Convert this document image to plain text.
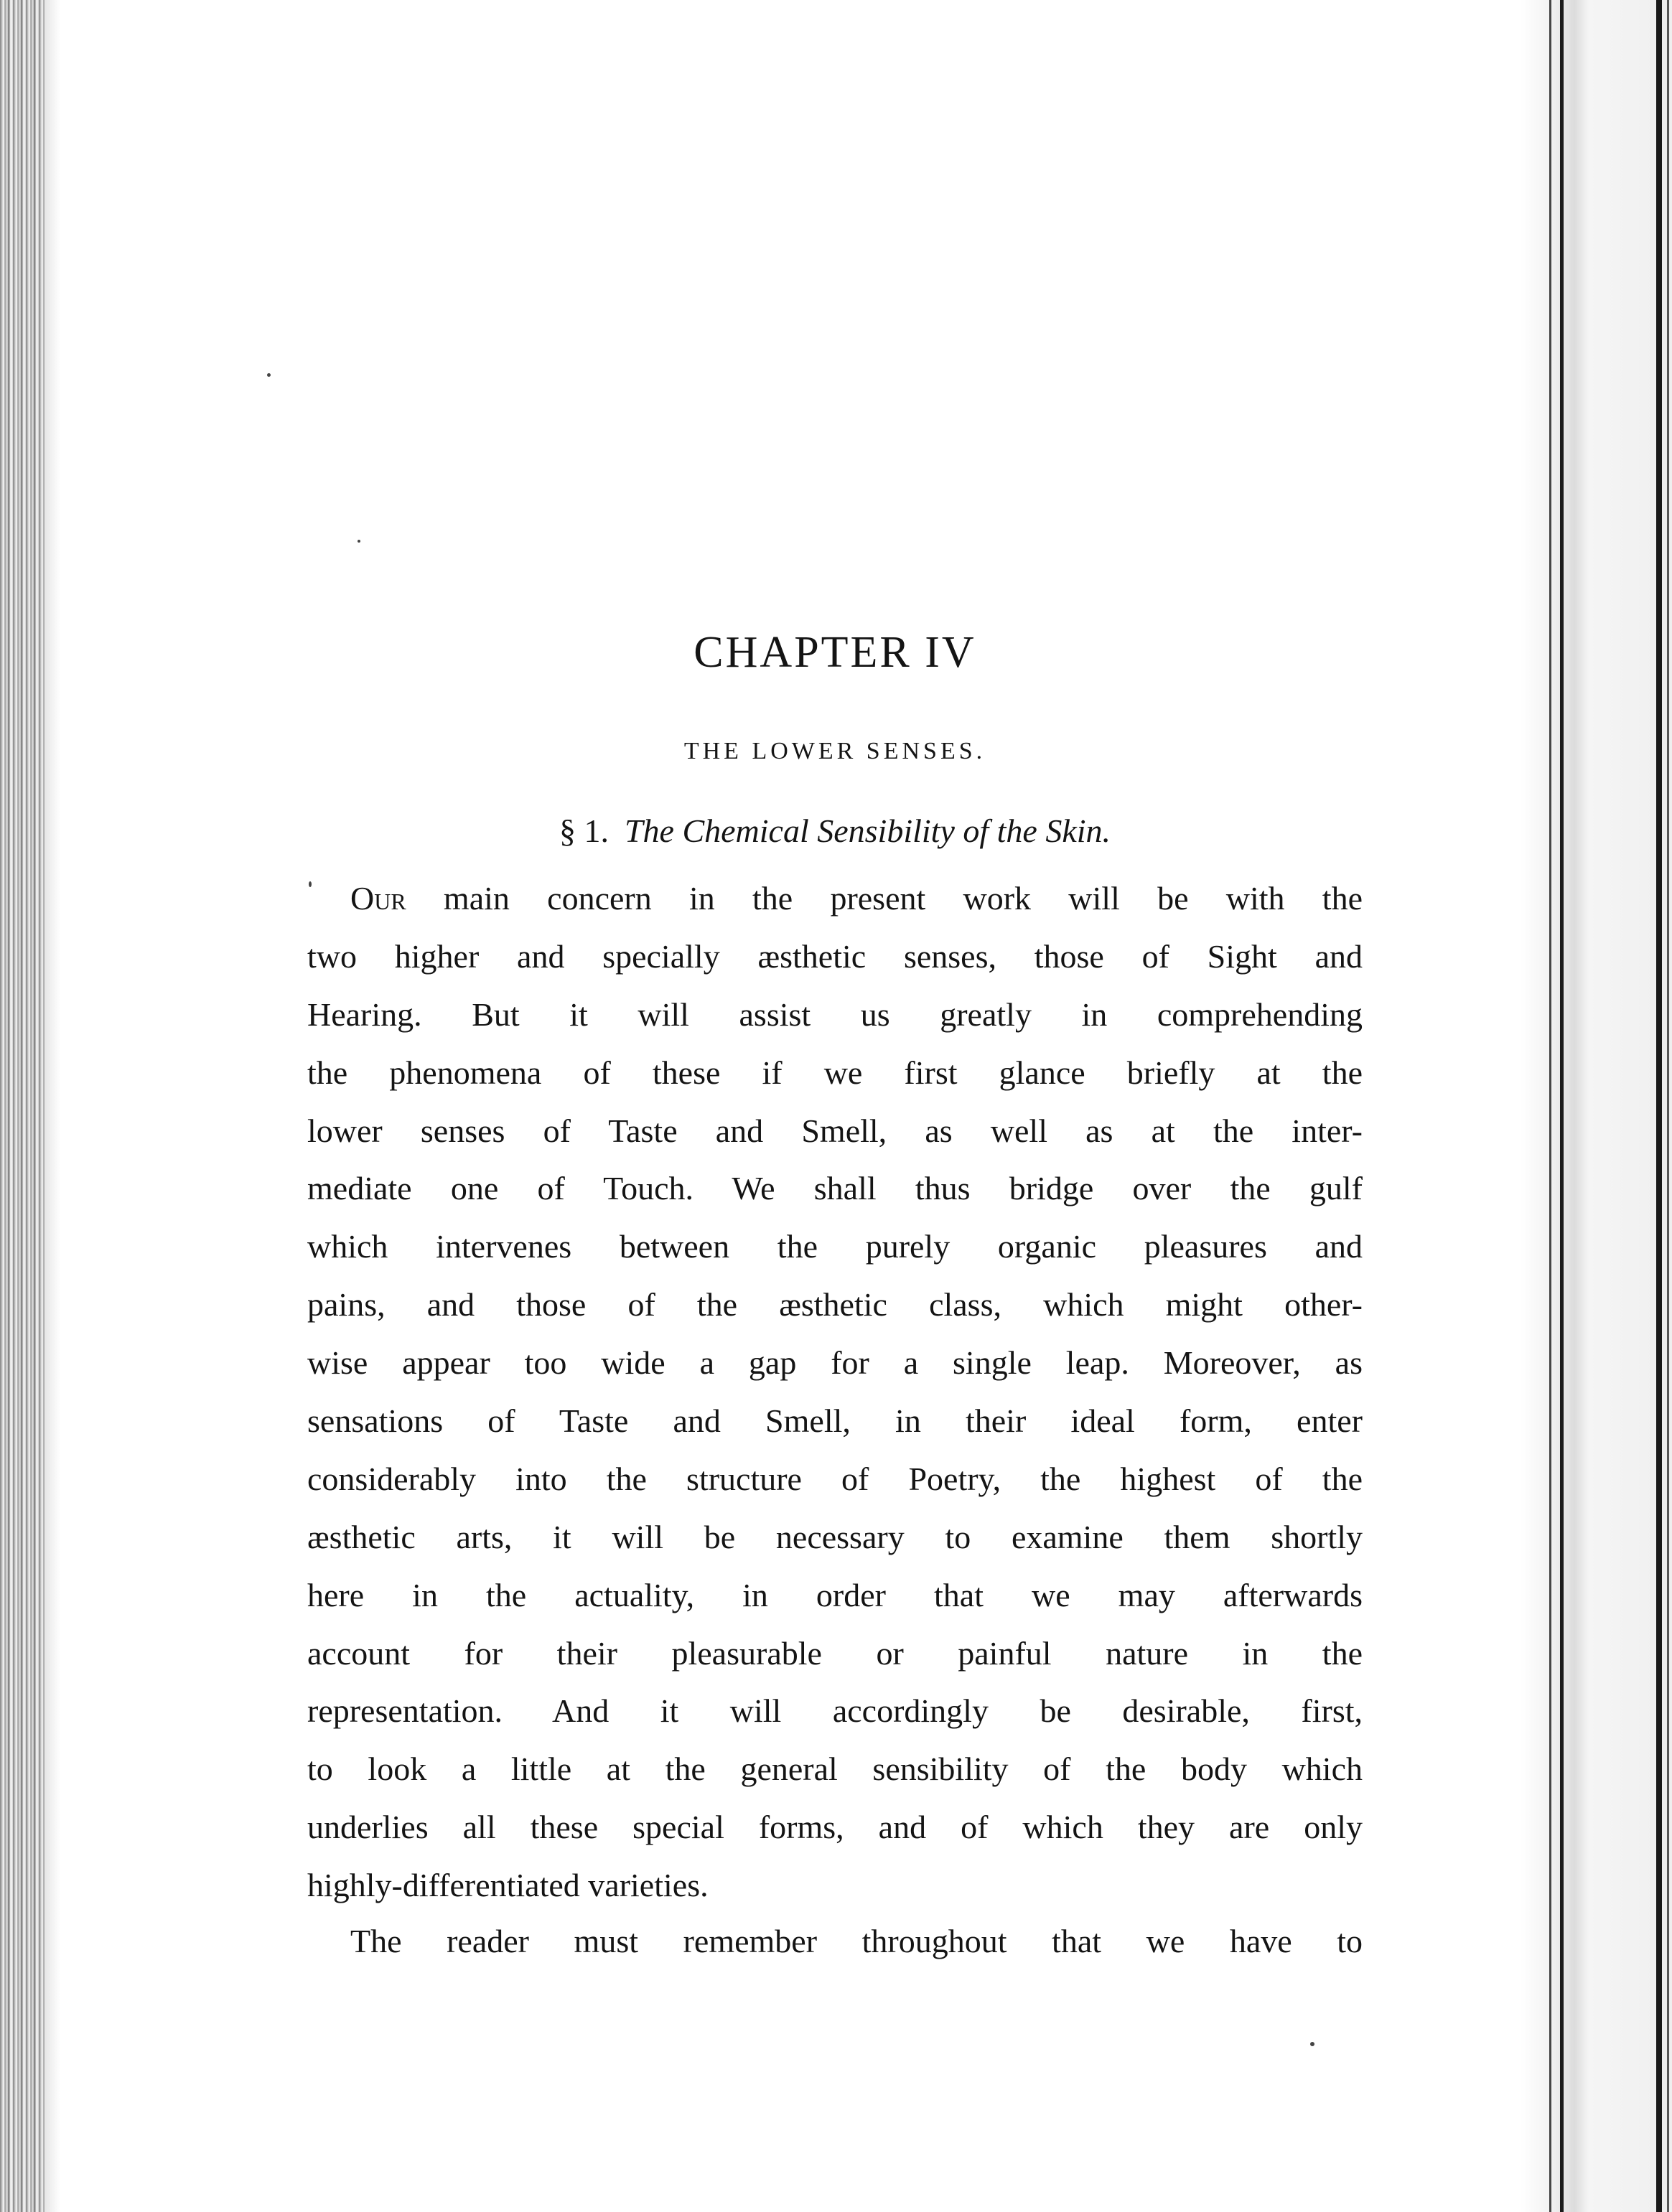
CHAPTER IV
THE LOWER SENSES.
§ 1. The Chemical Sensibility of the Skin.
Our main concern in the present work will be with the
two higher and specially æsthetic senses, those of Sight and
Hearing. But it will assist us greatly in comprehending
the phenomena of these if we first glance briefly at the
lower senses of Taste and Smell, as well as at the inter-
mediate one of Touch. We shall thus bridge over the gulf
which intervenes between the purely organic pleasures and
pains, and those of the æsthetic class, which might other-
wise appear too wide a gap for a single leap. Moreover, as
sensations of Taste and Smell, in their ideal form, enter
considerably into the structure of Poetry, the highest of the
æsthetic arts, it will be necessary to examine them shortly
here in the actuality, in order that we may afterwards
account for their pleasurable or painful nature in the
representation. And it will accordingly be desirable, first,
to look a little at the general sensibility of the body which
underlies all these special forms, and of which they are only
highly-differentiated varieties.
The reader must remember throughout that we have to
